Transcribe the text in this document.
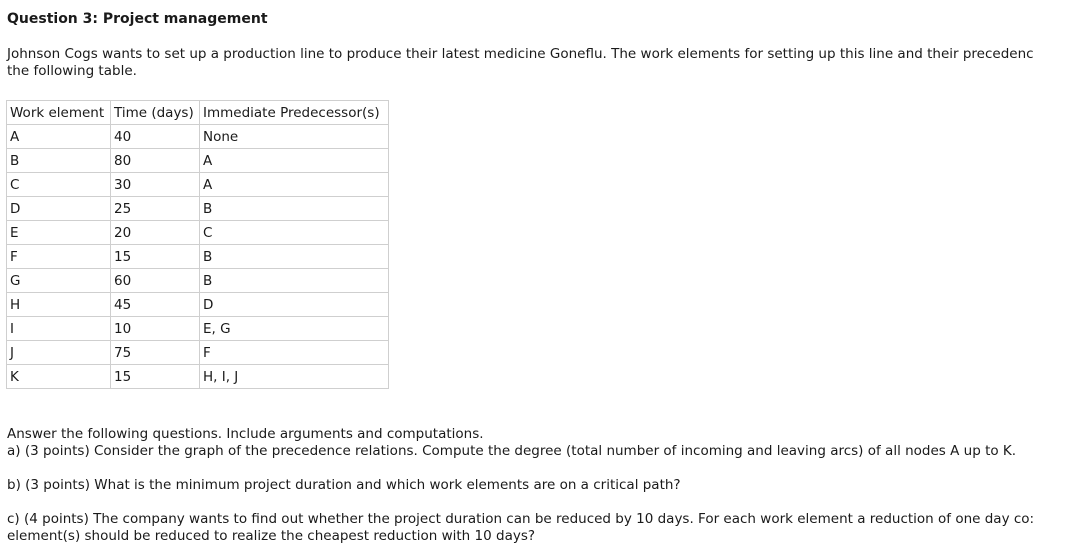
Question 3: Project management
Johnson Cogs wants to set up a production line to produce their latest medicine Goneflu. The work elements for setting up this line and their precedenc
the following table.
Work element	Time (days)	Immediate Predecessor(s)
A	40	None
B	80	A
C	30	A
D	25	B
E	20	C
F	15	B
G	60	B
H	45	D
I	10	E, G
J	75	F
K	15	H, I, J

Answer the following questions. Include arguments and computations.

a) (3 points) Consider the graph of the precedence relations. Compute the degree (total number of incoming and leaving arcs) of all nodes A up to K.

b) (3 points) What is the minimum project duration and which work elements are on a critical path?

c) (4 points) The company wants to find out whether the project duration can be reduced by 10 days. For each work element a reduction of one day co:

element(s) should be reduced to realize the cheapest reduction with 10 days?
